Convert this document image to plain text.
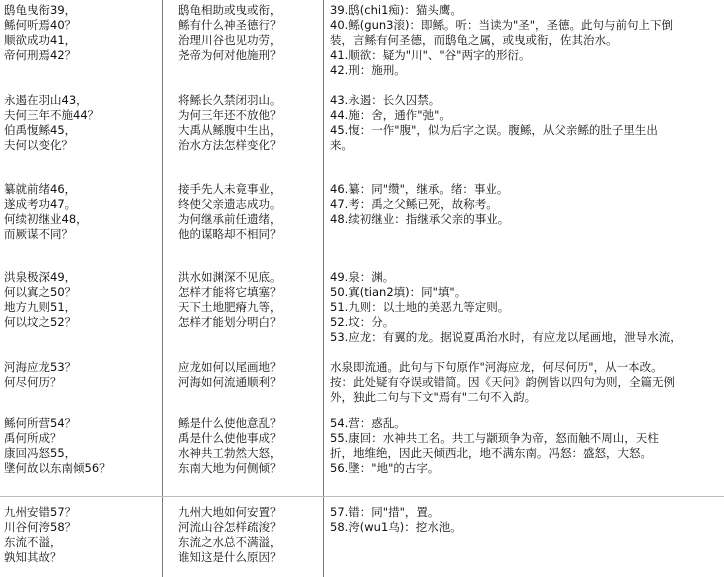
鸱龟曳衔39，
鲧何听焉40？
顺欲成功41，
帝何刑焉42？
鸱龟相助或曳或衔，
鲧有什么神圣德行？
治理川谷也见功劳，
尧帝为何对他施刑？
39.鸱(chi1痴)：猫头鹰。
40.鲧(gun3滚)：即鲧。听：当读为"圣"，圣德。此句与前句上下倒
装，言鲧有何圣德，而鸱龟之属，或曳或衔，佐其治水。
41.顺欲：疑为"川"、"谷"两字的形衍。
42.刑：施刑。
永遏在羽山43，
夫何三年不施44？
伯禹愎鲧45，
夫何以变化？
将鲧长久禁闭羽山。
为何三年还不放他？
大禹从鲧腹中生出，
治水方法怎样变化？
43.永遏：长久囚禁。
44.施：舍，通作"弛"。
45.愎：一作"腹"，似为后字之误。腹鲧，从父亲鲧的肚子里生出
来。
纂就前绪46，
遂成考功47。
何续初继业48，
而厥谋不同？
接手先人未竟事业，
终使父亲遗志成功。
为何继承前任遗绪，
他的谋略却不相同？
46.纂：同"缵"，继承。绪：事业。
47.考：禹之父鲧已死，故称考。
48.续初继业：指继承父亲的事业。
洪泉极深49，
何以寘之50？
地方九则51，
何以坟之52？
洪水如渊深不见底。
怎样才能将它填塞？
天下土地肥瘠九等，
怎样才能划分明白？
49.泉：渊。
50.寘(tian2填)：同"填"。
51.九则：以土地的美恶九等定则。
52.坟：分。
53.应龙：有翼的龙。据说夏禹治水时，有应龙以尾画地，泄导水流，
河海应龙53？
何尽何历？
应龙如何以尾画地？
河海如何流通顺利？
水泉即流通。此句与下句原作"河海应龙，何尽何历"，从一本改。
按：此处疑有夺误或错简。因《天问》韵例皆以四句为则，全篇无例
外，独此二句与下文"焉有"二句不入韵。
鲧何所营54？
禹何所成？
康回冯怒55，
墬何故以东南倾56？
鲧是什么使他意乱？
禹是什么使他事成？
水神共工勃然大怒，
东南大地为何侧倾？
54.营：惑乱。
55.康回：水神共工名。共工与颛顼争为帝，怒而触不周山，天柱
折，地维绝，因此天倾西北，地不满东南。冯怒：盛怒，大怒。
56.墬："地"的古字。
九州安错57？
川谷何洿58？
东流不溢，
孰知其故？
九州大地如何安置？
河流山谷怎样疏浚？
东流之水总不满溢，
谁知这是什么原因？
57.错：同"措"，置。
58.洿(wu1乌)：挖水池。
